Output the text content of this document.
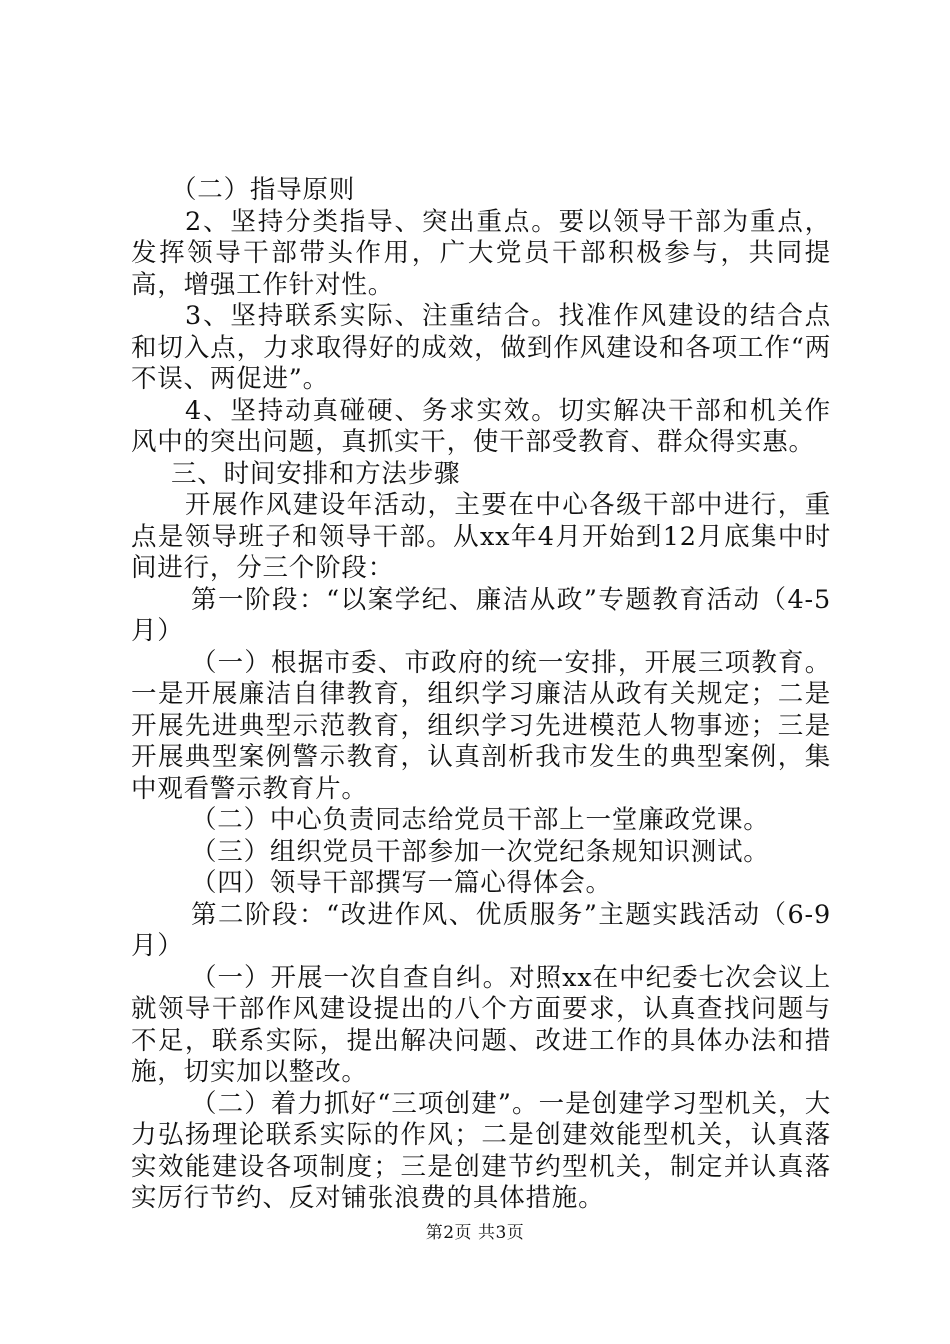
（二）指导原则

2、坚持分类指导、突出重点。要以领导干部为重点，发挥领导干部带头作用，广大党员干部积极参与，共同提高，增强工作针对性。

3、坚持联系实际、注重结合。找准作风建设的结合点和切入点，力求取得好的成效，做到作风建设和各项工作“两不误、两促进”。

4、坚持动真碰硬、务求实效。切实解决干部和机关作风中的突出问题，真抓实干，使干部受教育、群众得实惠。

三、时间安排和方法步骤

开展作风建设年活动，主要在中心各级干部中进行，重点是领导班子和领导干部。从xx年4月开始到12月底集中时间进行，分三个阶段：

第一阶段：“以案学纪、廉洁从政”专题教育活动（4-5月）

（一）根据市委、市政府的统一安排，开展三项教育。一是开展廉洁自律教育，组织学习廉洁从政有关规定；二是开展先进典型示范教育，组织学习先进模范人物事迹；三是开展典型案例警示教育，认真剖析我市发生的典型案例，集中观看警示教育片。

（二）中心负责同志给党员干部上一堂廉政党课。

（三）组织党员干部参加一次党纪条规知识测试。

（四）领导干部撰写一篇心得体会。

第二阶段：“改进作风、优质服务”主题实践活动（6-9月）

（一）开展一次自查自纠。对照xx在中纪委七次会议上就领导干部作风建设提出的八个方面要求，认真查找问题与不足，联系实际，提出解决问题、改进工作的具体办法和措施，切实加以整改。

（二）着力抓好“三项创建”。一是创建学习型机关，大力弘扬理论联系实际的作风；二是创建效能型机关，认真落实效能建设各项制度；三是创建节约型机关，制定并认真落实厉行节约、反对铺张浪费的具体措施。

第2页 共3页
